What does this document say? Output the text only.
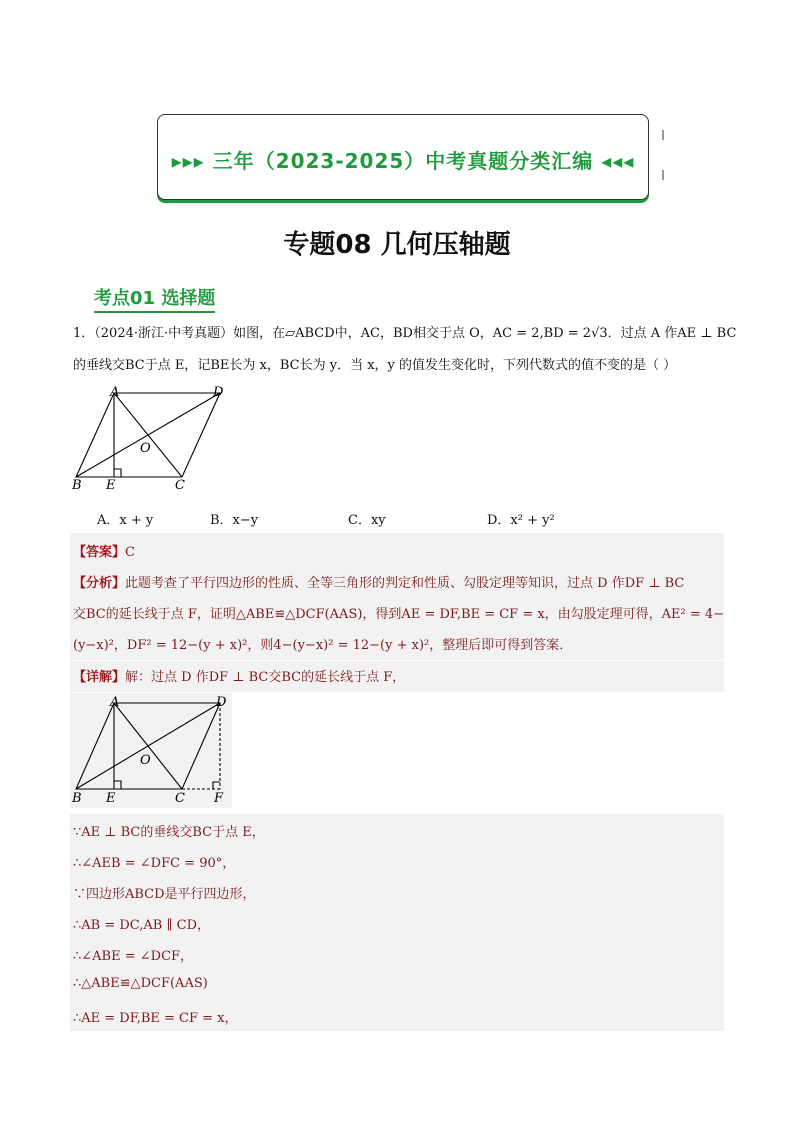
▸▸▸ 三年（2023-2025）中考真题分类汇编 ◂◂◂
专题08 几何压轴题
考点01 选择题
1．（2024·浙江·中考真题）如图，在▱ABCD中，AC，BD相交于点 O，AC = 2,BD = 2√3．过点 A 作AE ⊥ BC
的垂线交BC于点 E，记BE长为 x，BC长为 y．当 x，y 的值发生变化时，下列代数式的值不变的是（ ）
A	D
O
B E	C
A．x + y	B．x−y	C．xy	D．x² + y²
【答案】C
【分析】此题考查了平行四边形的性质、全等三角形的判定和性质、勾股定理等知识，过点 D 作DF ⊥ BC
交BC的延长线于点 F，证明△ABE≌△DCF(AAS)，得到AE = DF,BE = CF = x，由勾股定理可得，AE² = 4−
(y−x)²，DF² = 12−(y + x)²，则4−(y−x)² = 12−(y + x)²，整理后即可得到答案．
【详解】解：过点 D 作DF ⊥ BC交BC的延长线于点 F，
A	D
O
B E	C F
∵AE ⊥ BC的垂线交BC于点 E，
∴∠AEB = ∠DFC = 90°，
∵四边形ABCD是平行四边形，
∴AB = DC,AB ∥ CD，
∴∠ABE = ∠DCF，
∴△ABE≌△DCF(AAS)
∴AE = DF,BE = CF = x，
